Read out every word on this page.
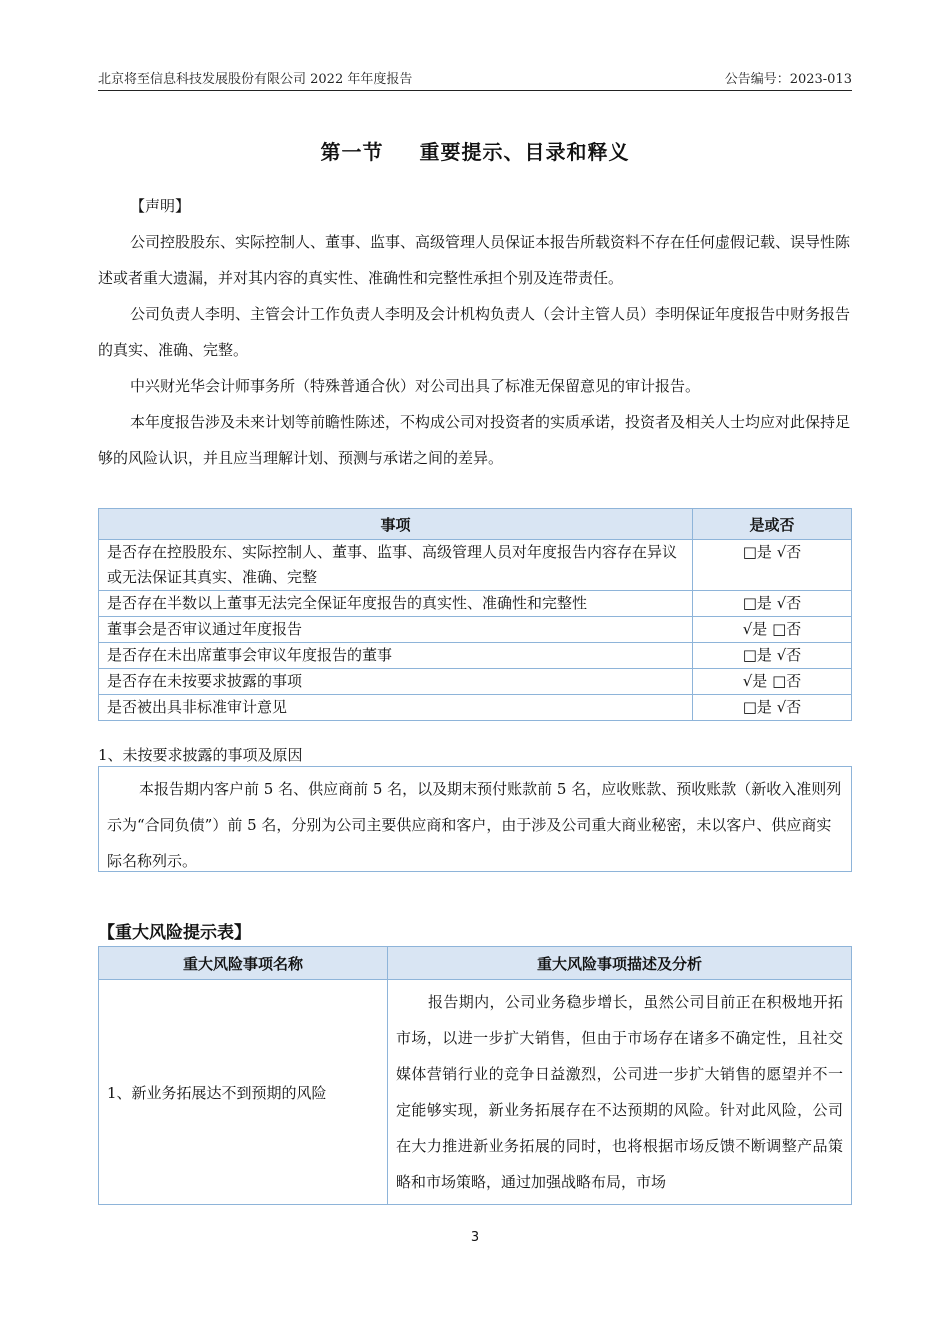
北京将至信息科技发展股份有限公司 2022 年年度报告	公告编号：2023-013
第一节 重要提示、目录和释义
【声明】
公司控股股东、实际控制人、董事、监事、高级管理人员保证本报告所载资料不存在任何虚假记载、误导性陈述或者重大遗漏，并对其内容的真实性、准确性和完整性承担个别及连带责任。
公司负责人李明、主管会计工作负责人李明及会计机构负责人（会计主管人员）李明保证年度报告中财务报告的真实、准确、完整。
中兴财光华会计师事务所（特殊普通合伙）对公司出具了标准无保留意见的审计报告。
本年度报告涉及未来计划等前瞻性陈述，不构成公司对投资者的实质承诺，投资者及相关人士均应对此保持足够的风险认识，并且应当理解计划、预测与承诺之间的差异。
事项	是或否
是否存在控股股东、实际控制人、董事、监事、高级管理人员对年度报告内容存在异议或无法保证其真实、准确、完整	□是 √否
是否存在半数以上董事无法完全保证年度报告的真实性、准确性和完整性	□是 √否
董事会是否审议通过年度报告	√是 □否
是否存在未出席董事会审议年度报告的董事	□是 √否
是否存在未按要求披露的事项	√是 □否
是否被出具非标准审计意见	□是 √否
1、未按要求披露的事项及原因
本报告期内客户前 5 名、供应商前 5 名，以及期末预付账款前 5 名，应收账款、预收账款（新收入准则列示为“合同负债”）前 5 名，分别为公司主要供应商和客户，由于涉及公司重大商业秘密，未以客户、供应商实际名称列示。
【重大风险提示表】
重大风险事项名称	重大风险事项描述及分析
1、新业务拓展达不到预期的风险	报告期内，公司业务稳步增长，虽然公司目前正在积极地开拓市场，以进一步扩大销售，但由于市场存在诸多不确定性，且社交媒体营销行业的竞争日益激烈，公司进一步扩大销售的愿望并不一定能够实现，新业务拓展存在不达预期的风险。针对此风险，公司在大力推进新业务拓展的同时，也将根据市场反馈不断调整产品策略和市场策略，通过加强战略布局，市场
3
